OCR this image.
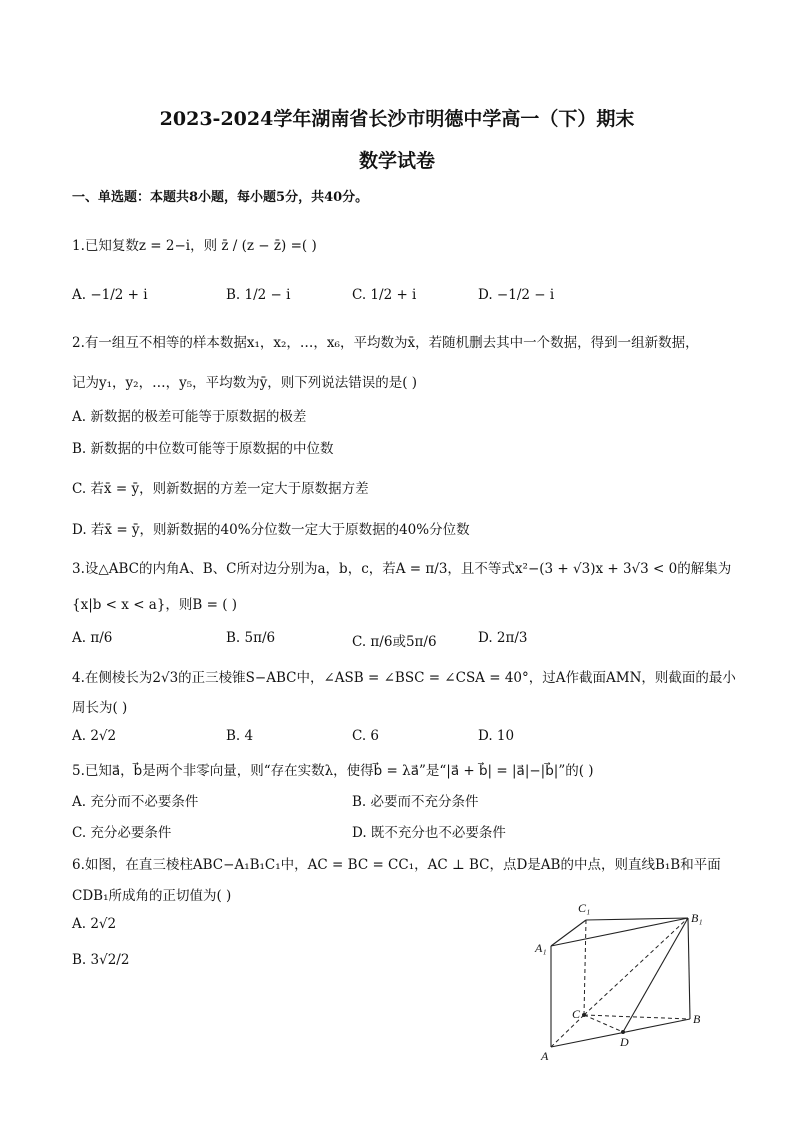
2023-2024学年湖南省长沙市明德中学高一（下）期末
数学试卷
一、单选题：本题共8小题，每小题5分，共40分。
1.已知复数z = 2−i，则 z̄ / (z − z̄) =( )
A. −1/2 + i	B. 1/2 − i	C. 1/2 + i	D. −1/2 − i
2.有一组互不相等的样本数据x₁，x₂，…，x₆，平均数为x̄，若随机删去其中一个数据，得到一组新数据，
记为y₁，y₂，…，y₅，平均数为ȳ，则下列说法错误的是( )
A. 新数据的极差可能等于原数据的极差
B. 新数据的中位数可能等于原数据的中位数
C. 若x̄ = ȳ，则新数据的方差一定大于原数据方差
D. 若x̄ = ȳ，则新数据的40%分位数一定大于原数据的40%分位数
3.设△ABC的内角A、B、C所对边分别为a，b，c，若A = π/3，且不等式x²−(3 + √3)x + 3√3 < 0的解集为
{x|b < x < a}，则B = ( )
A. π/6	B. 5π/6	C. π/6或5π/6	D. 2π/3
4.在侧棱长为2√3的正三棱锥S−ABC中，∠ASB = ∠BSC = ∠CSA = 40°，过A作截面AMN，则截面的最小
周长为( )
A. 2√2	B. 4	C. 6	D. 10
5.已知a⃗，b⃗是两个非零向量，则“存在实数λ，使得b⃗ = λa⃗”是“|a⃗ + b⃗| = |a⃗|−|b⃗|”的( )
A. 充分而不必要条件	B. 必要而不充分条件
C. 充分必要条件	D. 既不充分也不必要条件
6.如图，在直三棱柱ABC−A₁B₁C₁中，AC = BC = CC₁，AC ⊥ BC，点D是AB的中点，则直线B₁B和平面
CDB₁所成角的正切值为( )
A. 2√2
B. 3√2/2
C₁
B₁
A₁
C	B
D
A
